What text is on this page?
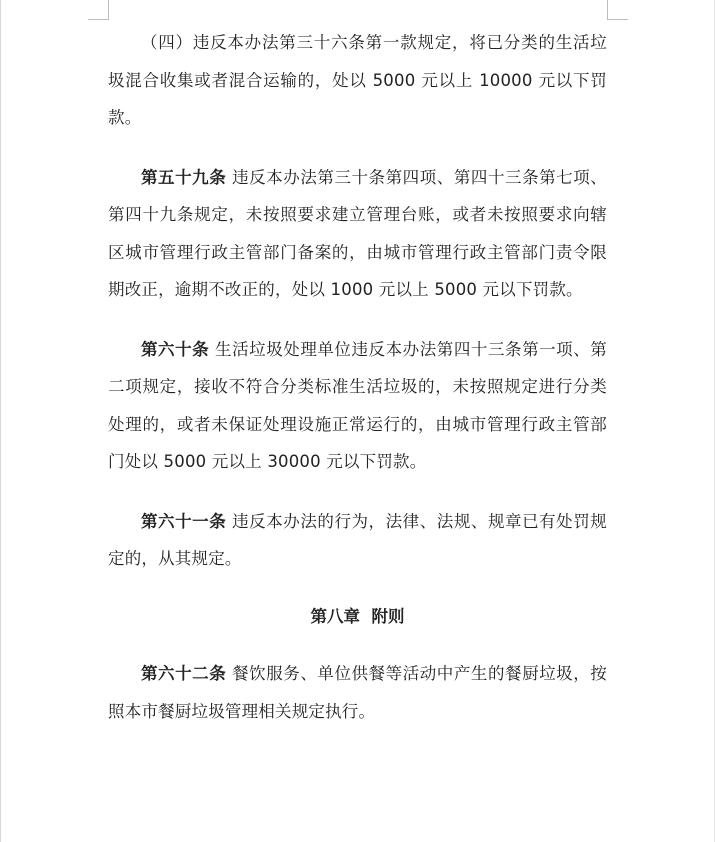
（四）违反本办法第三十六条第一款规定，将已分类的生活垃圾混合收集或者混合运输的，处以 5000 元以上 10000 元以下罚款。

第五十九条 违反本办法第三十条第四项、第四十三条第七项、第四十九条规定，未按照要求建立管理台账，或者未按照要求向辖区城市管理行政主管部门备案的，由城市管理行政主管部门责令限期改正，逾期不改正的，处以 1000 元以上 5000 元以下罚款。

第六十条 生活垃圾处理单位违反本办法第四十三条第一项、第二项规定，接收不符合分类标准生活垃圾的，未按照规定进行分类处理的，或者未保证处理设施正常运行的，由城市管理行政主管部门处以 5000 元以上 30000 元以下罚款。

第六十一条 违反本办法的行为，法律、法规、规章已有处罚规定的，从其规定。

第八章  附则

第六十二条 餐饮服务、单位供餐等活动中产生的餐厨垃圾，按照本市餐厨垃圾管理相关规定执行。
